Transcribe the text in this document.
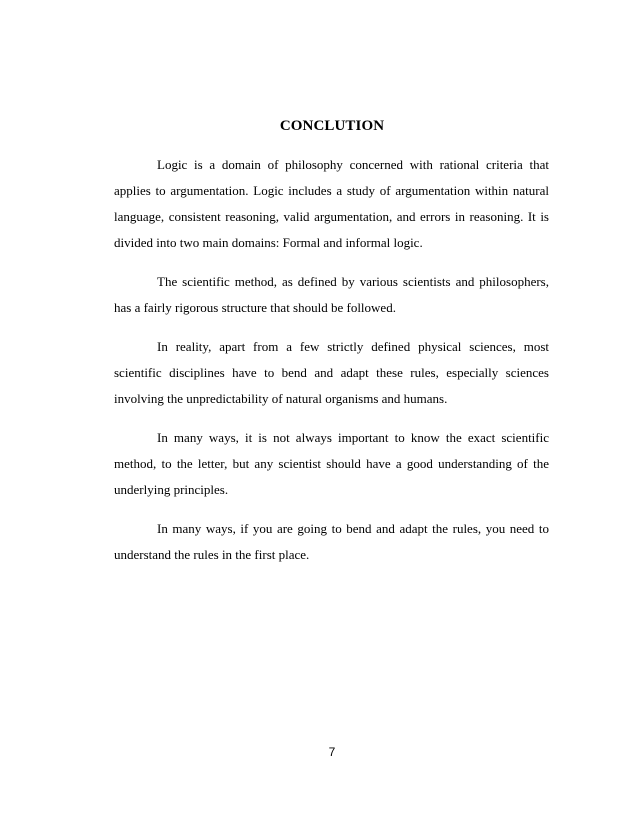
CONCLUTION

Logic is a domain of philosophy concerned with rational criteria that applies to argumentation. Logic includes a study of argumentation within natural language, consistent reasoning, valid argumentation, and errors in reasoning. It is divided into two main domains: Formal and informal logic.

The scientific method, as defined by various scientists and philosophers, has a fairly rigorous structure that should be followed.

In reality, apart from a few strictly defined physical sciences, most scientific disciplines have to bend and adapt these rules, especially sciences involving the unpredictability of natural organisms and humans.

In many ways, it is not always important to know the exact scientific method, to the letter, but any scientist should have a good understanding of the underlying principles.

In many ways, if you are going to bend and adapt the rules, you need to understand the rules in the first place.

7
